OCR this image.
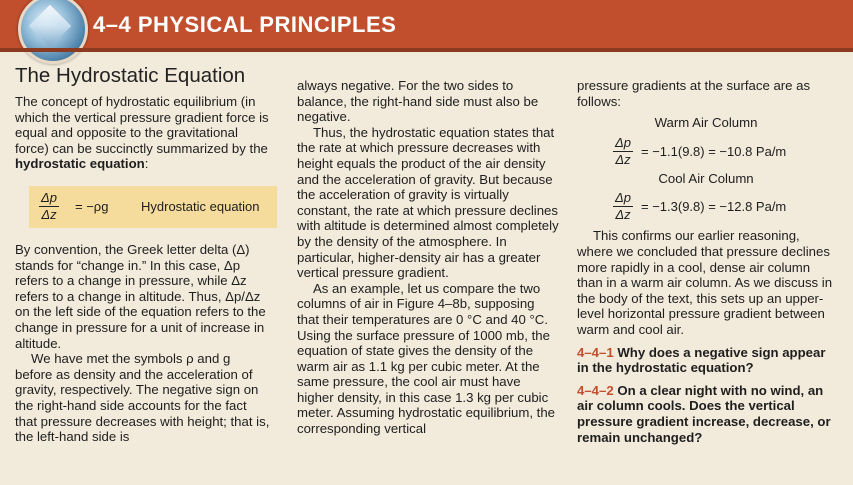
4–4 PHYSICAL PRINCIPLES
The Hydrostatic Equation

The concept of hydrostatic equilibrium (in which the vertical pressure gradient force is equal and opposite to the gravitational force) can be succinctly summarized by the hydrostatic equation:

$\frac{\Delta p}{\Delta z} = -\rho g$	Hydrostatic equation

By convention, the Greek letter delta (Δ) stands for “change in.” In this case, Δp refers to a change in pressure, while Δz refers to a change in altitude. Thus, Δp/Δz on the left side of the equation refers to the change in pressure for a unit of increase in altitude.

We have met the symbols ρ and g before as density and the acceleration of gravity, respectively. The negative sign on the right-hand side accounts for the fact that pressure decreases with height; that is, the left-hand side is

always negative. For the two sides to balance, the right-hand side must also be negative.

Thus, the hydrostatic equation states that the rate at which pressure decreases with height equals the product of the air density and the acceleration of gravity. But because the acceleration of gravity is virtually constant, the rate at which pressure declines with altitude is determined almost completely by the density of the atmosphere. In particular, higher-density air has a greater vertical pressure gradient.

As an example, let us compare the two columns of air in Figure 4–8b, supposing that their temperatures are 0 °C and 40 °C. Using the surface pressure of 1000 mb, the equation of state gives the density of the warm air as 1.1 kg per cubic meter. At the same pressure, the cool air must have higher density, in this case 1.3 kg per cubic meter. Assuming hydrostatic equilibrium, the corresponding vertical

pressure gradients at the surface are as follows:

Warm Air Column
$\frac{\Delta p}{\Delta z} = -1.1(9.8) = -10.8$ Pa/m
Cool Air Column
$\frac{\Delta p}{\Delta z} = -1.3(9.8) = -12.8$ Pa/m

This confirms our earlier reasoning, where we concluded that pressure declines more rapidly in a cool, dense air column than in a warm air column. As we discuss in the body of the text, this sets up an upper-level horizontal pressure gradient between warm and cool air.

4–4–1 Why does a negative sign appear in the hydrostatic equation?

4–4–2 On a clear night with no wind, an air column cools. Does the vertical pressure gradient increase, decrease, or remain unchanged?
